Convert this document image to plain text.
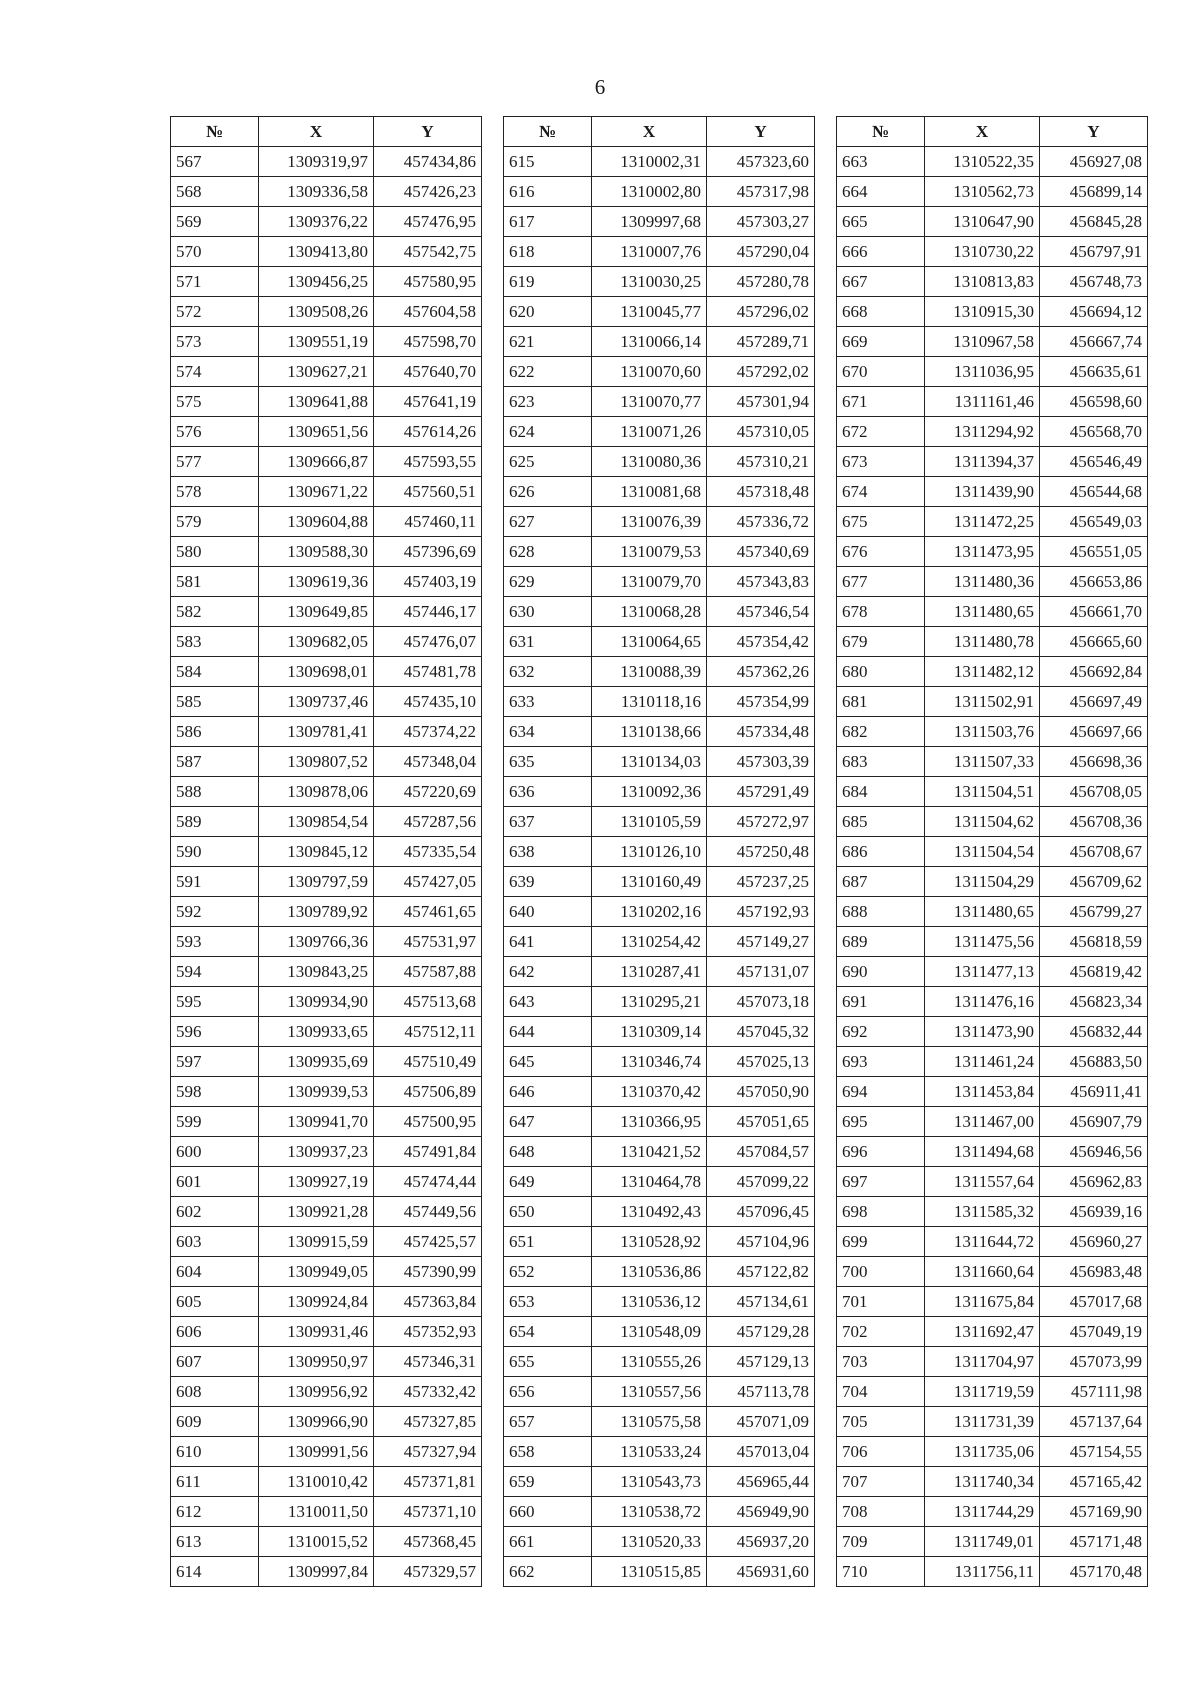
6
№	X	Y
567	1309319,97	457434,86
568	1309336,58	457426,23
569	1309376,22	457476,95
570	1309413,80	457542,75
571	1309456,25	457580,95
572	1309508,26	457604,58
573	1309551,19	457598,70
574	1309627,21	457640,70
575	1309641,88	457641,19
576	1309651,56	457614,26
577	1309666,87	457593,55
578	1309671,22	457560,51
579	1309604,88	457460,11
580	1309588,30	457396,69
581	1309619,36	457403,19
582	1309649,85	457446,17
583	1309682,05	457476,07
584	1309698,01	457481,78
585	1309737,46	457435,10
586	1309781,41	457374,22
587	1309807,52	457348,04
588	1309878,06	457220,69
589	1309854,54	457287,56
590	1309845,12	457335,54
591	1309797,59	457427,05
592	1309789,92	457461,65
593	1309766,36	457531,97
594	1309843,25	457587,88
595	1309934,90	457513,68
596	1309933,65	457512,11
597	1309935,69	457510,49
598	1309939,53	457506,89
599	1309941,70	457500,95
600	1309937,23	457491,84
601	1309927,19	457474,44
602	1309921,28	457449,56
603	1309915,59	457425,57
604	1309949,05	457390,99
605	1309924,84	457363,84
606	1309931,46	457352,93
607	1309950,97	457346,31
608	1309956,92	457332,42
609	1309966,90	457327,85
610	1309991,56	457327,94
611	1310010,42	457371,81
612	1310011,50	457371,10
613	1310015,52	457368,45
614	1309997,84	457329,57
№	X	Y
615	1310002,31	457323,60
616	1310002,80	457317,98
617	1309997,68	457303,27
618	1310007,76	457290,04
619	1310030,25	457280,78
620	1310045,77	457296,02
621	1310066,14	457289,71
622	1310070,60	457292,02
623	1310070,77	457301,94
624	1310071,26	457310,05
625	1310080,36	457310,21
626	1310081,68	457318,48
627	1310076,39	457336,72
628	1310079,53	457340,69
629	1310079,70	457343,83
630	1310068,28	457346,54
631	1310064,65	457354,42
632	1310088,39	457362,26
633	1310118,16	457354,99
634	1310138,66	457334,48
635	1310134,03	457303,39
636	1310092,36	457291,49
637	1310105,59	457272,97
638	1310126,10	457250,48
639	1310160,49	457237,25
640	1310202,16	457192,93
641	1310254,42	457149,27
642	1310287,41	457131,07
643	1310295,21	457073,18
644	1310309,14	457045,32
645	1310346,74	457025,13
646	1310370,42	457050,90
647	1310366,95	457051,65
648	1310421,52	457084,57
649	1310464,78	457099,22
650	1310492,43	457096,45
651	1310528,92	457104,96
652	1310536,86	457122,82
653	1310536,12	457134,61
654	1310548,09	457129,28
655	1310555,26	457129,13
656	1310557,56	457113,78
657	1310575,58	457071,09
658	1310533,24	457013,04
659	1310543,73	456965,44
660	1310538,72	456949,90
661	1310520,33	456937,20
662	1310515,85	456931,60
№	X	Y
663	1310522,35	456927,08
664	1310562,73	456899,14
665	1310647,90	456845,28
666	1310730,22	456797,91
667	1310813,83	456748,73
668	1310915,30	456694,12
669	1310967,58	456667,74
670	1311036,95	456635,61
671	1311161,46	456598,60
672	1311294,92	456568,70
673	1311394,37	456546,49
674	1311439,90	456544,68
675	1311472,25	456549,03
676	1311473,95	456551,05
677	1311480,36	456653,86
678	1311480,65	456661,70
679	1311480,78	456665,60
680	1311482,12	456692,84
681	1311502,91	456697,49
682	1311503,76	456697,66
683	1311507,33	456698,36
684	1311504,51	456708,05
685	1311504,62	456708,36
686	1311504,54	456708,67
687	1311504,29	456709,62
688	1311480,65	456799,27
689	1311475,56	456818,59
690	1311477,13	456819,42
691	1311476,16	456823,34
692	1311473,90	456832,44
693	1311461,24	456883,50
694	1311453,84	456911,41
695	1311467,00	456907,79
696	1311494,68	456946,56
697	1311557,64	456962,83
698	1311585,32	456939,16
699	1311644,72	456960,27
700	1311660,64	456983,48
701	1311675,84	457017,68
702	1311692,47	457049,19
703	1311704,97	457073,99
704	1311719,59	457111,98
705	1311731,39	457137,64
706	1311735,06	457154,55
707	1311740,34	457165,42
708	1311744,29	457169,90
709	1311749,01	457171,48
710	1311756,11	457170,48
